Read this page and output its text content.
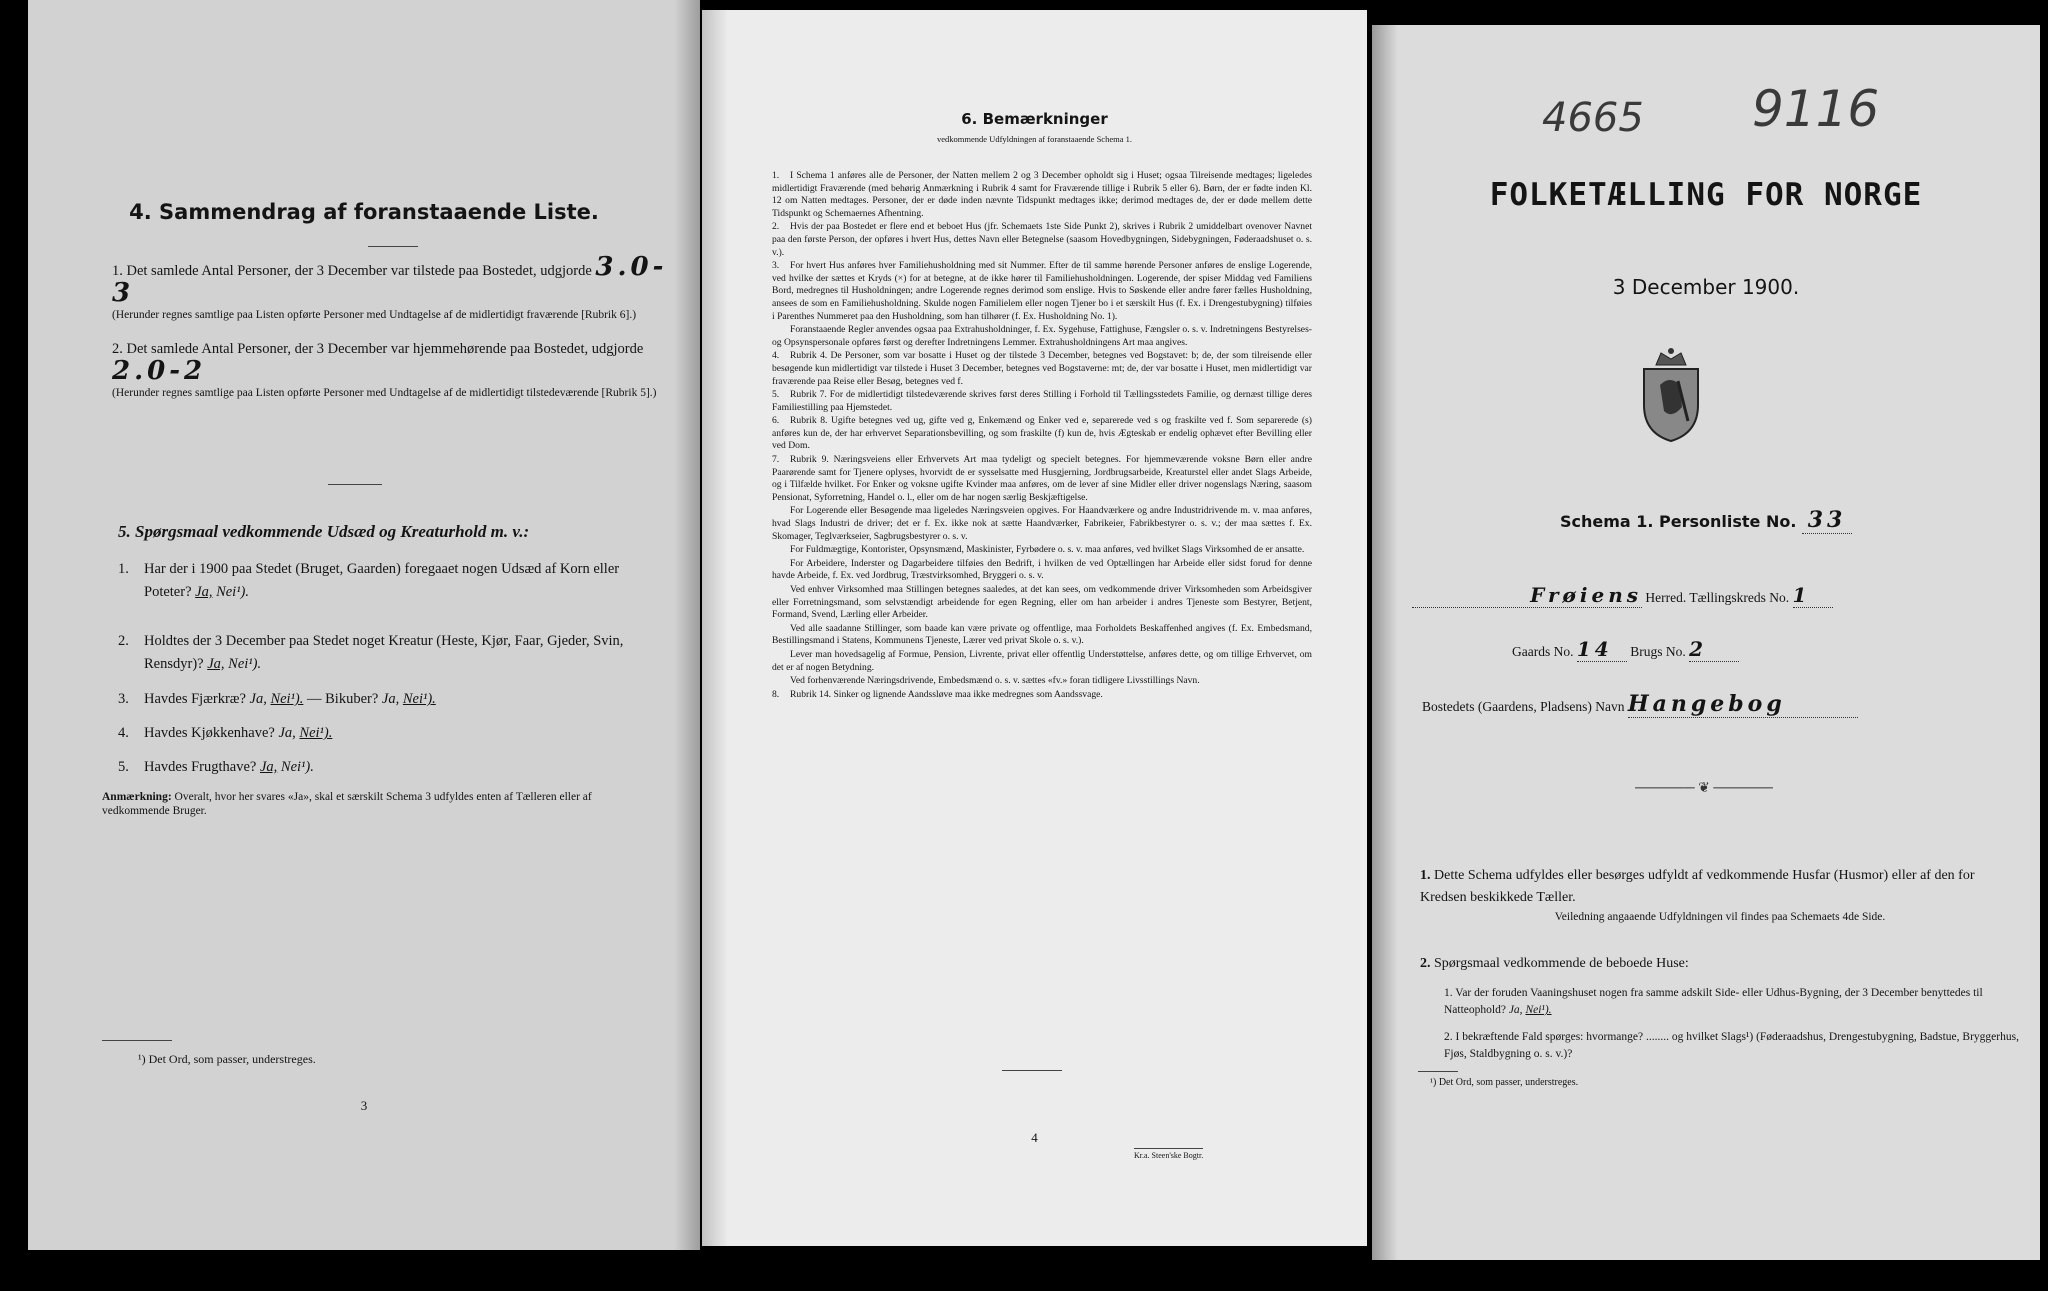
4. Sammendrag af foranstaaende Liste.
1. Det samlede Antal Personer, der 3 December var tilstede paa Bostedet, udgjorde 3.0-3
(Herunder regnes samtlige paa Listen opførte Personer med Undtagelse af de midlertidigt fraværende [Rubrik 6].)
2. Det samlede Antal Personer, der 3 December var hjemmehørende paa Bostedet, udgjorde 2.0-2
(Herunder regnes samtlige paa Listen opførte Personer med Undtagelse af de midlertidigt tilstedeværende [Rubrik 5].)
5. Spørgsmaal vedkommende Udsæd og Kreaturhold m. v.:
1. Har der i 1900 paa Stedet (Bruget, Gaarden) foregaaet nogen Udsæd af Korn eller Poteter? Ja, Nei¹).
2. Holdtes der 3 December paa Stedet noget Kreatur (Heste, Kjør, Faar, Gjeder, Svin, Rensdyr)? Ja, Nei¹).
3. Havdes Fjærkræ? Ja, Nei¹). — Bikuber? Ja, Nei¹).
4. Havdes Kjøkkenhave? Ja, Nei¹).
5. Havdes Frugthave? Ja, Nei¹).
Anmærkning: Overalt, hvor her svares «Ja», skal et særskilt Schema 3 udfyldes enten af Tælleren eller af vedkommende Bruger.
¹) Det Ord, som passer, understreges.
3
6. Bemærkninger
vedkommende Udfyldningen af foranstaaende Schema 1.

1. I Schema 1 anføres alle de Personer, der Natten mellem 2 og 3 December opholdt sig i Huset; ogsaa Tilreisende medtages; ligeledes midlertidigt Fraværende (med behørig Anmærkning i Rubrik 4 samt for Fraværende tillige i Rubrik 5 eller 6). Børn, der er fødte inden Kl. 12 om Natten medtages. Personer, der er døde inden nævnte Tidspunkt medtages ikke; derimod medtages de, der er døde mellem dette Tidspunkt og Schemaernes Afhentning.

2. Hvis der paa Bostedet er flere end et beboet Hus (jfr. Schemaets 1ste Side Punkt 2), skrives i Rubrik 2 umiddelbart ovenover Navnet paa den første Person, der opføres i hvert Hus, dettes Navn eller Betegnelse (saasom Hovedbygningen, Sidebygningen, Føderaadshuset o. s. v.).

3. For hvert Hus anføres hver Familiehusholdning med sit Nummer. Efter de til samme hørende Personer anføres de enslige Logerende, ved hvilke der sættes et Kryds (×) for at betegne, at de ikke hører til Familiehusholdningen. Logerende, der spiser Middag ved Familiens Bord, medregnes til Husholdningen; andre Logerende regnes derimod som enslige. Hvis to Søskende eller andre fører fælles Husholdning, ansees de som en Familiehusholdning. Skulde nogen Familielem eller nogen Tjener bo i et særskilt Hus (f. Ex. i Drengestubygning) tilføies i Parenthes Nummeret paa den Husholdning, som han tilhører (f. Ex. Husholdning No. 1).

Foranstaaende Regler anvendes ogsaa paa Extrahusholdninger, f. Ex. Sygehuse, Fattighuse, Fængsler o. s. v. Indretningens Bestyrelses- og Opsynspersonale opføres først og derefter Indretningens Lemmer. Extrahusholdningens Art maa angives.

4. Rubrik 4. De Personer, som var bosatte i Huset og der tilstede 3 December, betegnes ved Bogstavet: b; de, der som tilreisende eller besøgende kun midlertidigt var tilstede i Huset 3 December, betegnes ved Bogstaverne: mt; de, der var bosatte i Huset, men midlertidigt var fraværende paa Reise eller Besøg, betegnes ved f.

5. Rubrik 7. For de midlertidigt tilstedeværende skrives først deres Stilling i Forhold til Tællingsstedets Familie, og dernæst tillige deres Familiestilling paa Hjemstedet.

6. Rubrik 8. Ugifte betegnes ved ug, gifte ved g, Enkemænd og Enker ved e, separerede ved s og fraskilte ved f. Som separerede (s) anføres kun de, der har erhvervet Separationsbevilling, og som fraskilte (f) kun de, hvis Ægteskab er endelig ophævet efter Bevilling eller ved Dom.

7. Rubrik 9. Næringsveiens eller Erhvervets Art maa tydeligt og specielt betegnes. For hjemmeværende voksne Børn eller andre Paarørende samt for Tjenere oplyses, hvorvidt de er sysselsatte med Husgjerning, Jordbrugsarbeide, Kreaturstel eller andet Slags Arbeide, og i Tilfælde hvilket. For Enker og voksne ugifte Kvinder maa anføres, om de lever af sine Midler eller driver nogenslags Næring, saasom Pensionat, Syforretning, Handel o. l., eller om de har nogen særlig Beskjæftigelse.

For Logerende eller Besøgende maa ligeledes Næringsveien opgives. For Haandværkere og andre Industridrivende m. v. maa anføres, hvad Slags Industri de driver; det er f. Ex. ikke nok at sætte Haandværker, Fabrikeier, Fabrikbestyrer o. s. v.; der maa sættes f. Ex. Skomager, Teglværkseier, Sagbrugsbestyrer o. s. v.

For Fuldmægtige, Kontorister, Opsynsmænd, Maskinister, Fyrbødere o. s. v. maa anføres, ved hvilket Slags Virksomhed de er ansatte.

For Arbeidere, Inderster og Dagarbeidere tilføies den Bedrift, i hvilken de ved Optællingen har Arbeide eller sidst forud for denne havde Arbeide, f. Ex. ved Jordbrug, Træstvirksomhed, Bryggeri o. s. v.

Ved enhver Virksomhed maa Stillingen betegnes saaledes, at det kan sees, om vedkommende driver Virksomheden som Arbeidsgiver eller Forretningsmand, som selvstændigt arbeidende for egen Regning, eller om han arbeider i andres Tjeneste som Bestyrer, Betjent, Formand, Svend, Lærling eller Arbeider.

Ved alle saadanne Stillinger, som baade kan være private og offentlige, maa Forholdets Beskaffenhed angives (f. Ex. Embedsmand, Bestillingsmand i Statens, Kommunens Tjeneste, Lærer ved privat Skole o. s. v.).

Lever man hovedsagelig af Formue, Pension, Livrente, privat eller offentlig Understøttelse, anføres dette, og om tillige Erhvervet, om det er af nogen Betydning.

Ved forhenværende Næringsdrivende, Embedsmænd o. s. v. sættes «fv.» foran tidligere Livsstillings Navn.

8. Rubrik 14. Sinker og lignende Aandssløve maa ikke medregnes som Aandssvage.

4
Kr.a. Steen'ske Bogtr.
4665 9116
FOLKETÆLLING FOR NORGE
3 December 1900.
Schema 1. Personliste No. 33
Frøiens Herred. Tællingskreds No. 1
Gaards No. 14 Brugs No. 2
Bostedets (Gaardens, Pladsens) Navn Hangebog
────── ❦ ──────
1. Dette Schema udfyldes eller besørges udfyldt af vedkommende Husfar (Husmor) eller af den for Kredsen beskikkede Tæller.
Veiledning angaaende Udfyldningen vil findes paa Schemaets 4de Side.
2. Spørgsmaal vedkommende de beboede Huse:
1. Var der foruden Vaaningshuset nogen fra samme adskilt Side- eller Udhus-Bygning, der 3 December benyttedes til Natteophold? Ja, Nei¹).
2. I bekræftende Fald spørges: hvormange? ........ og hvilket Slags¹) (Føderaadshus, Drengestubygning, Badstue, Bryggerhus, Fjøs, Staldbygning o. s. v.)?
¹) Det Ord, som passer, understreges.
